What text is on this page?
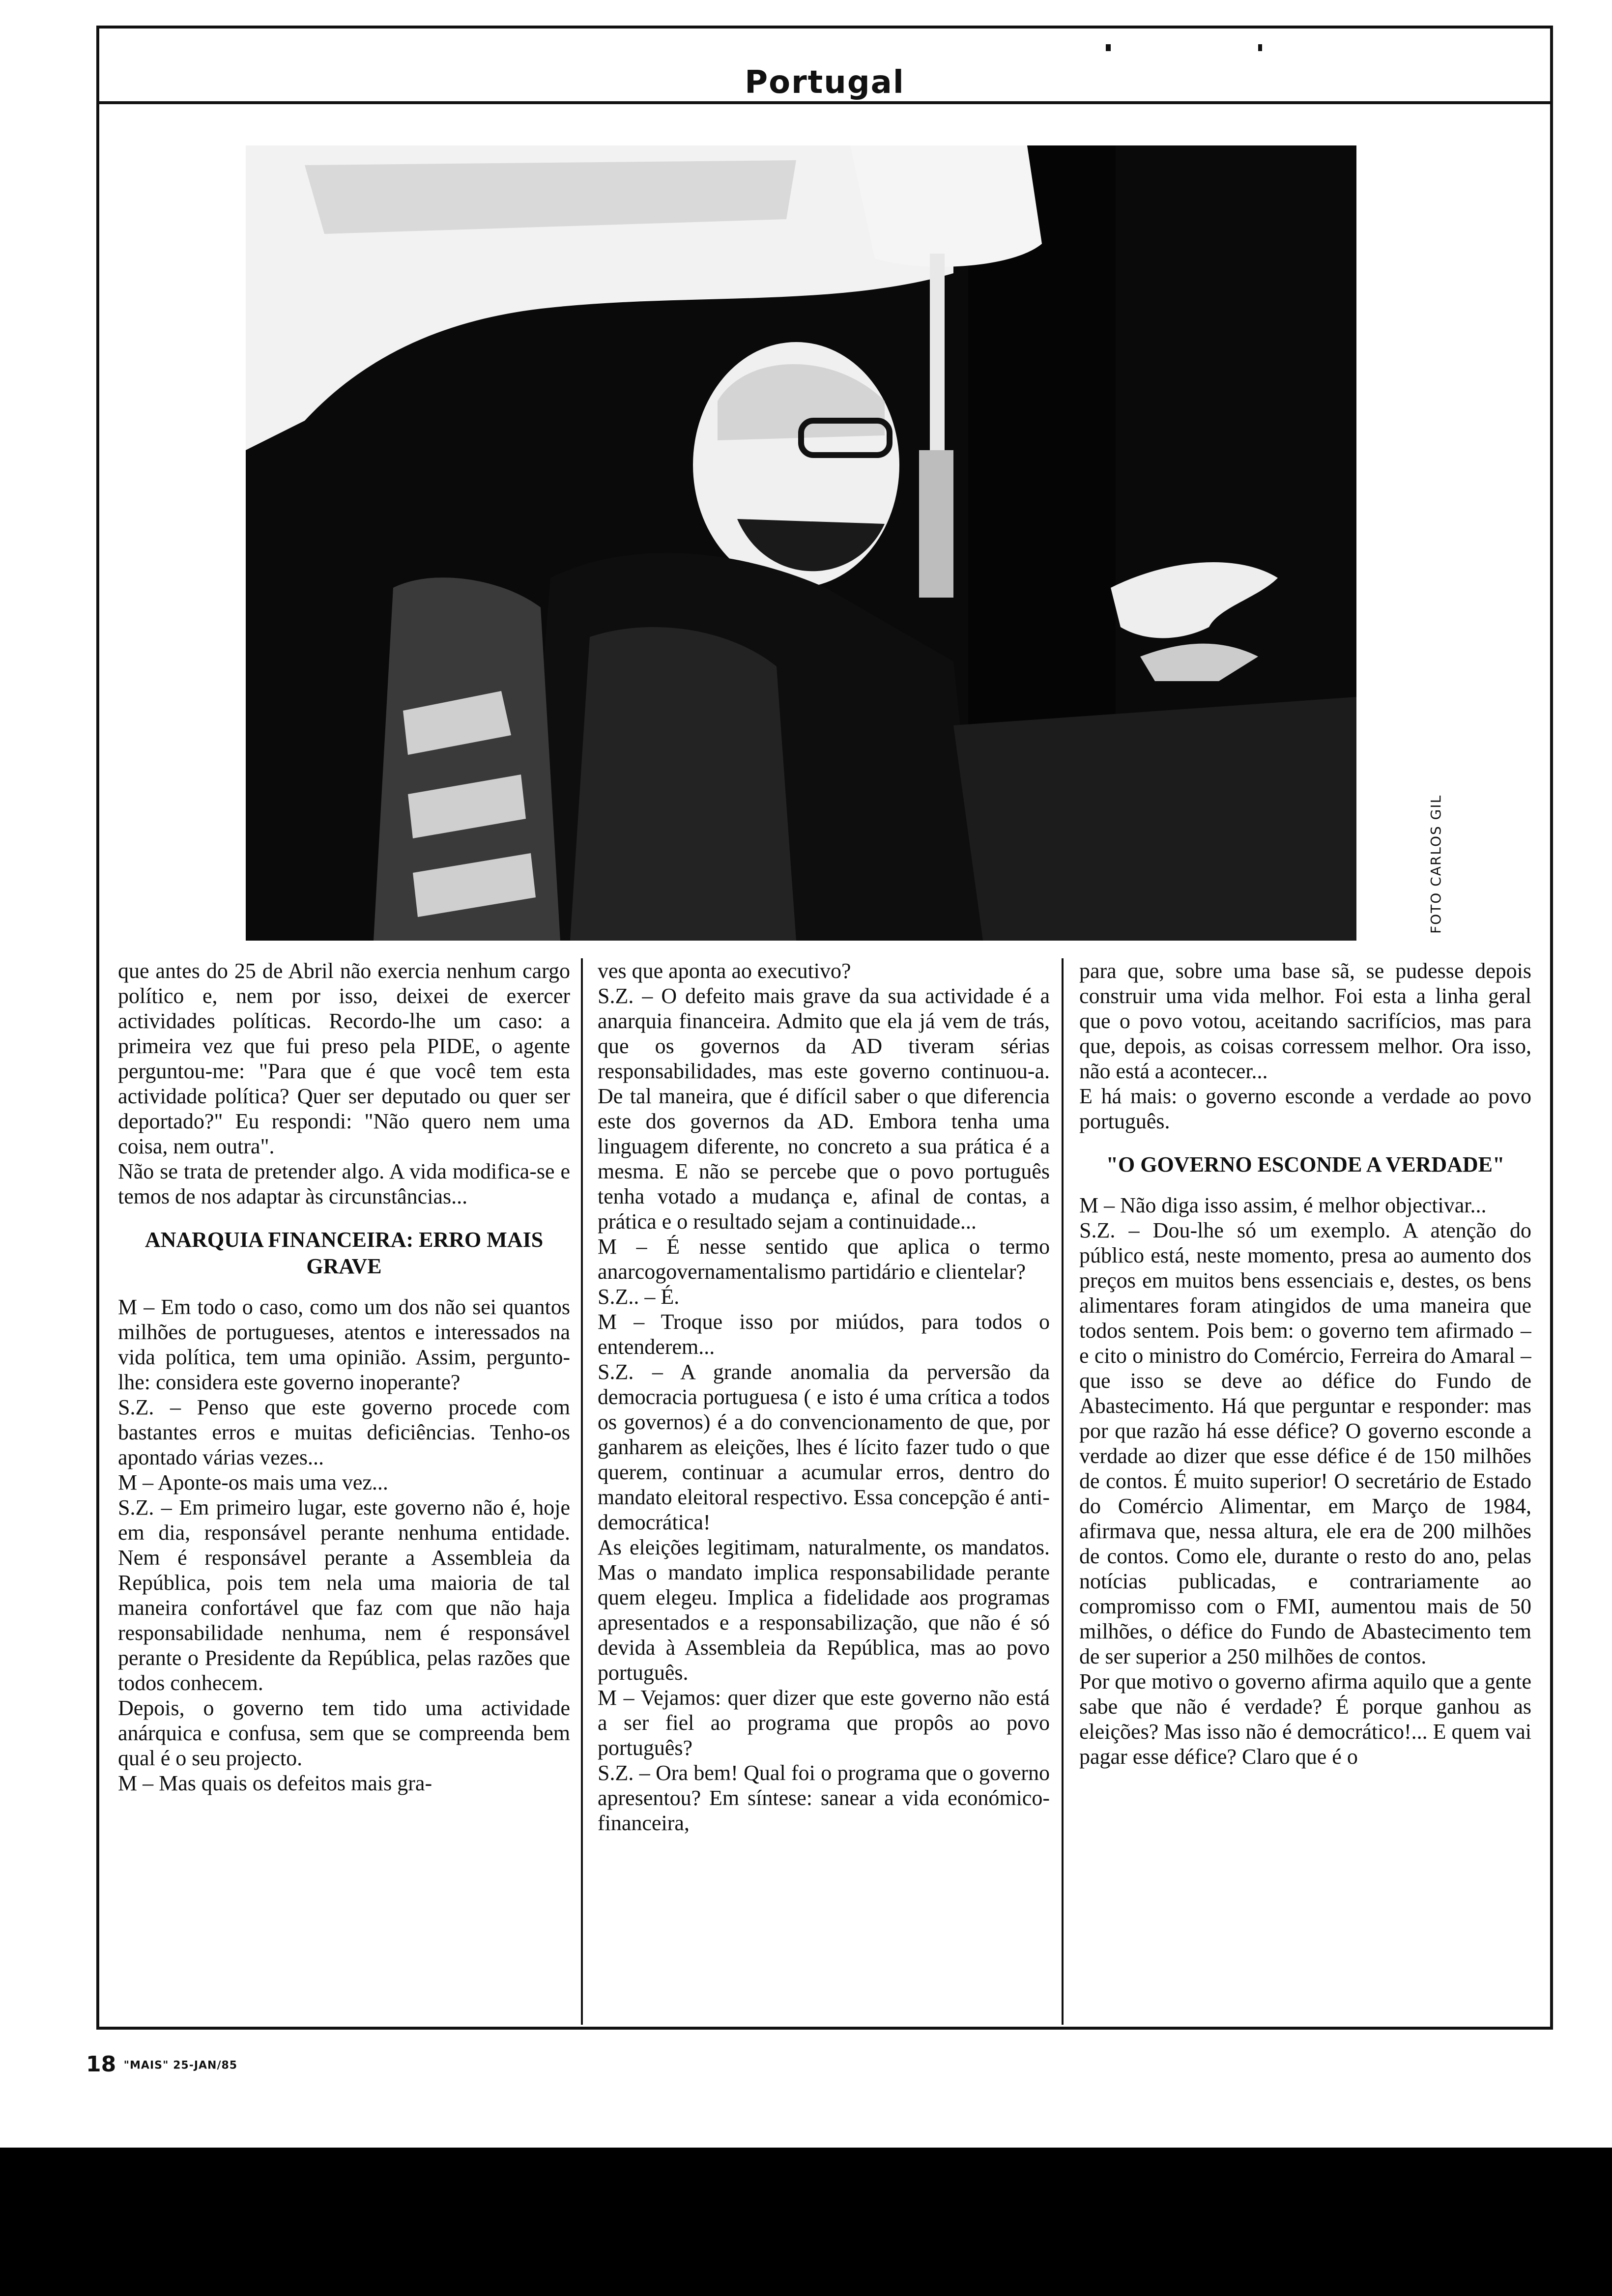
Portugal
FOTO CARLOS GIL

que antes do 25 de Abril não exercia nenhum cargo político e, nem por isso, deixei de exercer actividades políticas. Recordo-lhe um caso: a primeira vez que fui preso pela PIDE, o agente perguntou-me: "Para que é que você tem esta actividade política? Quer ser deputado ou quer ser deportado?" Eu respondi: "Não quero nem uma coisa, nem outra".

Não se trata de pretender algo. A vida modifica-se e temos de nos adaptar às circunstâncias...

ANARQUIA FINANCEIRA: ERRO MAIS GRAVE

M – Em todo o caso, como um dos não sei quantos milhões de portugueses, atentos e interessados na vida política, tem uma opinião. Assim, pergunto-lhe: considera este governo inoperante?

S.Z. – Penso que este governo procede com bastantes erros e muitas deficiências. Tenho-os apontado várias vezes...

M – Aponte-os mais uma vez...

S.Z. – Em primeiro lugar, este governo não é, hoje em dia, responsável perante nenhuma entidade. Nem é responsável perante a Assembleia da República, pois tem nela uma maioria de tal maneira confortável que faz com que não haja responsabilidade nenhuma, nem é responsável perante o Presidente da República, pelas razões que todos conhecem.

Depois, o governo tem tido uma actividade anárquica e confusa, sem que se compreenda bem qual é o seu projecto.

M – Mas quais os defeitos mais gra-

ves que aponta ao executivo?

S.Z. – O defeito mais grave da sua actividade é a anarquia financeira. Admito que ela já vem de trás, que os governos da AD tiveram sérias responsabilidades, mas este governo continuou-a. De tal maneira, que é difícil saber o que diferencia este dos governos da AD. Embora tenha uma linguagem diferente, no concreto a sua prática é a mesma. E não se percebe que o povo português tenha votado a mudança e, afinal de contas, a prática e o resultado sejam a continuidade...

M – É nesse sentido que aplica o termo anarcogovernamentalismo partidário e clientelar?

S.Z.. – É.

M – Troque isso por miúdos, para todos o entenderem...

S.Z. – A grande anomalia da perversão da democracia portuguesa ( e isto é uma crítica a todos os governos) é a do convencionamento de que, por ganharem as eleições, lhes é lícito fazer tudo o que querem, continuar a acumular erros, dentro do mandato eleitoral respectivo. Essa concepção é anti-democrática!

As eleições legitimam, naturalmente, os mandatos. Mas o mandato implica responsabilidade perante quem elegeu. Implica a fidelidade aos programas apresentados e a responsabilização, que não é só devida à Assembleia da República, mas ao povo português.

M – Vejamos: quer dizer que este governo não está a ser fiel ao programa que propôs ao povo português?

S.Z. – Ora bem! Qual foi o programa que o governo apresentou? Em síntese: sanear a vida económico-financeira,

para que, sobre uma base sã, se pudesse depois construir uma vida melhor. Foi esta a linha geral que o povo votou, aceitando sacrifícios, mas para que, depois, as coisas corressem melhor. Ora isso, não está a acontecer...

E há mais: o governo esconde a verdade ao povo português.

"O GOVERNO ESCONDE A VERDADE"

M – Não diga isso assim, é melhor objectivar...

S.Z. – Dou-lhe só um exemplo. A atenção do público está, neste momento, presa ao aumento dos preços em muitos bens essenciais e, destes, os bens alimentares foram atingidos de uma maneira que todos sentem. Pois bem: o governo tem afirmado – e cito o ministro do Comércio, Ferreira do Amaral – que isso se deve ao défice do Fundo de Abastecimento. Há que perguntar e responder: mas por que razão há esse défice? O governo esconde a verdade ao dizer que esse défice é de 150 milhões de contos. É muito superior! O secretário de Estado do Comércio Alimentar, em Março de 1984, afirmava que, nessa altura, ele era de 200 milhões de contos. Como ele, durante o resto do ano, pelas notícias publicadas, e contrariamente ao compromisso com o FMI, aumentou mais de 50 milhões, o défice do Fundo de Abastecimento tem de ser superior a 250 milhões de contos.

Por que motivo o governo afirma aquilo que a gente sabe que não é verdade? É porque ganhou as eleições? Mas isso não é democrático!... E quem vai pagar esse défice? Claro que é o

18 "MAIS" 25-JAN/85
